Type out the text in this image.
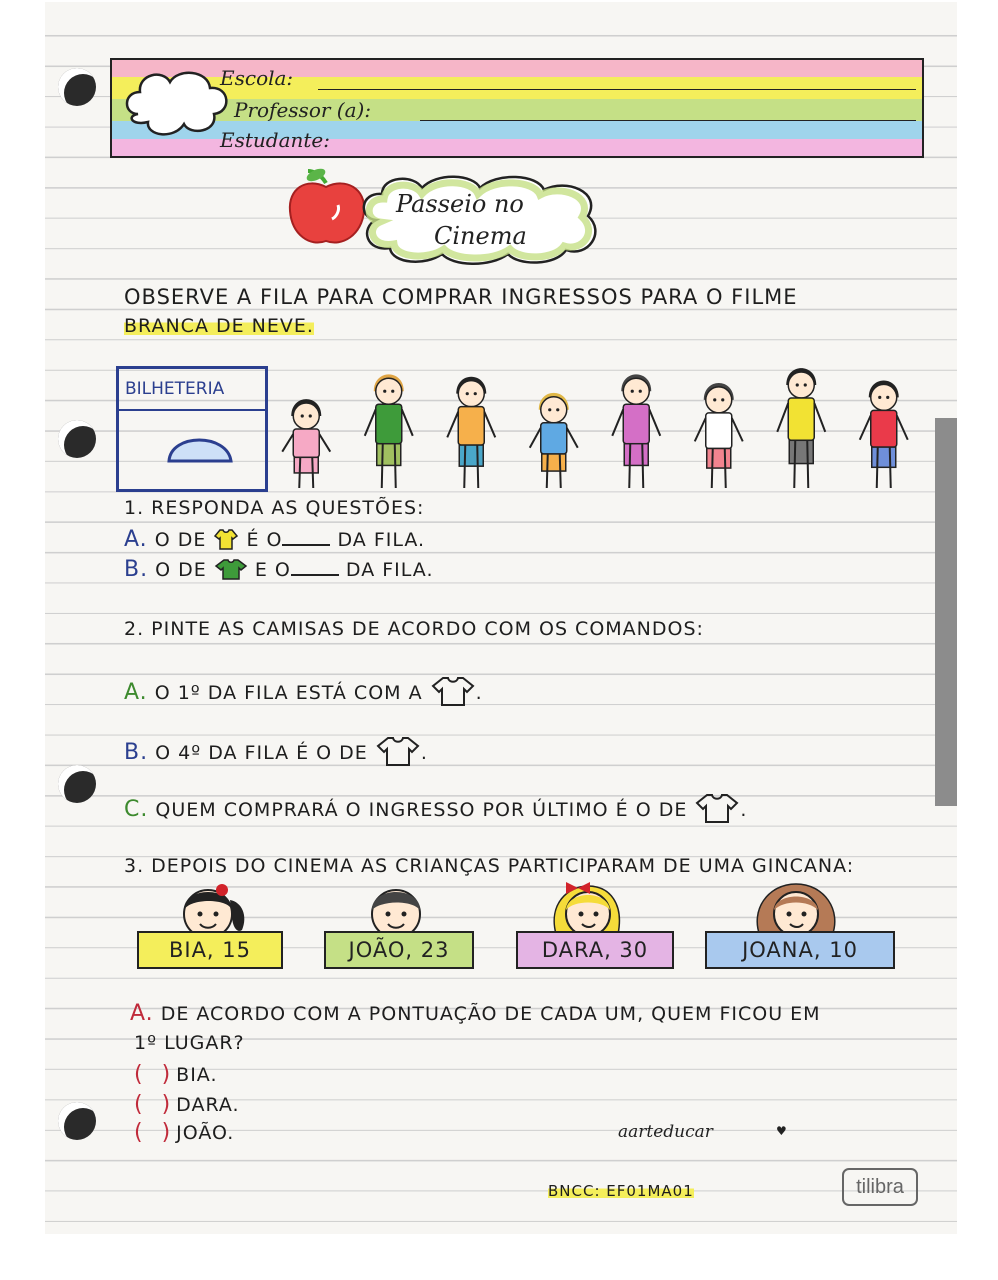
Escola:
Professor (a):
Estudante:
Passeio no
Cinema
OBSERVE A FILA PARA COMPRAR INGRESSOS PARA O FILME
BRANCA DE NEVE.
BILHETERIA
1. RESPONDA AS QUESTÕES:
A. O DE É O	DA FILA.
B. O DE	E O	DA FILA.
2. PINTE AS CAMISAS DE ACORDO COM OS COMANDOS:
A. O 1º DA FILA ESTÁ COM A	.
B. O 4º DA FILA É O DE	.
C. QUEM COMPRARÁ O INGRESSO POR ÚLTIMO É O DE	.
3. DEPOIS DO CINEMA AS CRIANÇAS PARTICIPARAM DE UMA GINCANA:
BIA, 15	JOÃO, 23	DARA, 30	JOANA, 10
A. DE ACORDO COM A PONTUAÇÃO DE CADA UM, QUEM FICOU EM
1º LUGAR?
( )BIA.
( )DARA.
( )JOÃO.	aarteducar	♥
BNCC: EF01MA01	tilibra
